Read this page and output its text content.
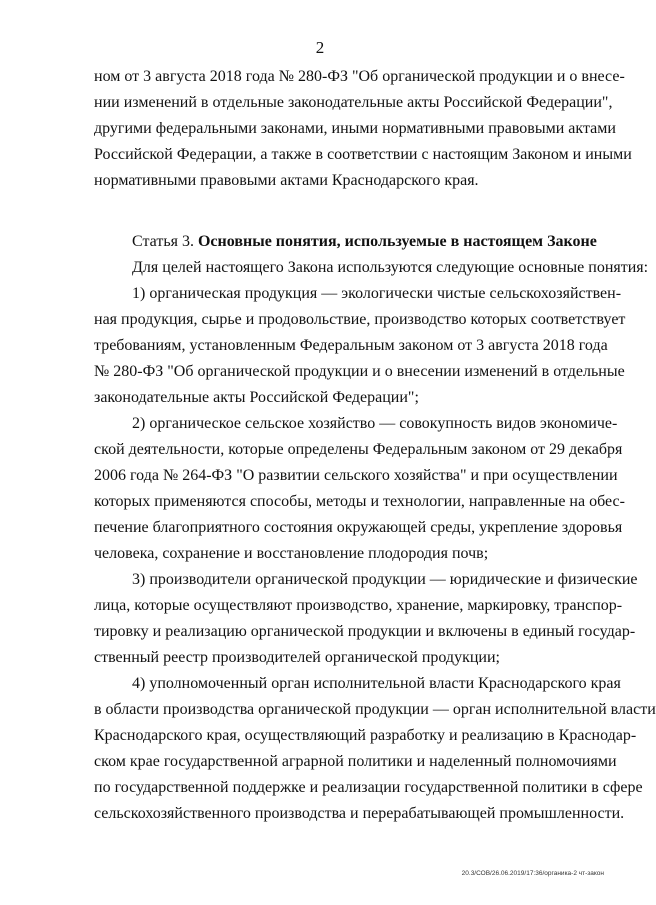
2
ном от 3 августа 2018 года № 280-ФЗ "Об органической продукции и о внесе-
нии изменений в отдельные законодательные акты Российской Федерации",
другими федеральными законами, иными нормативными правовыми актами
Российской Федерации, а также в соответствии с настоящим Законом и иными
нормативными правовыми актами Краснодарского края.
Статья 3. Основные понятия, используемые в настоящем Законе
Для целей настоящего Закона используются следующие основные понятия:
1) органическая продукция — экологически чистые сельскохозяйствен-
ная продукция, сырье и продовольствие, производство которых соответствует
требованиям, установленным Федеральным законом от 3 августа 2018 года
№ 280-ФЗ "Об органической продукции и о внесении изменений в отдельные
законодательные акты Российской Федерации";
2) органическое сельское хозяйство — совокупность видов экономиче-
ской деятельности, которые определены Федеральным законом от 29 декабря
2006 года № 264-ФЗ "О развитии сельского хозяйства" и при осуществлении
которых применяются способы, методы и технологии, направленные на обес-
печение благоприятного состояния окружающей среды, укрепление здоровья
человека, сохранение и восстановление плодородия почв;
3) производители органической продукции — юридические и физические
лица, которые осуществляют производство, хранение, маркировку, транспор-
тировку и реализацию органической продукции и включены в единый государ-
ственный реестр производителей органической продукции;
4) уполномоченный орган исполнительной власти Краснодарского края
в области производства органической продукции — орган исполнительной власти
Краснодарского края, осуществляющий разработку и реализацию в Краснодар-
ском крае государственной аграрной политики и наделенный полномочиями
по государственной поддержке и реализации государственной политики в сфере
сельскохозяйственного производства и перерабатывающей промышленности.
20.3/СОВ/26.06.2019/17:36/органика-2 чт-закон
